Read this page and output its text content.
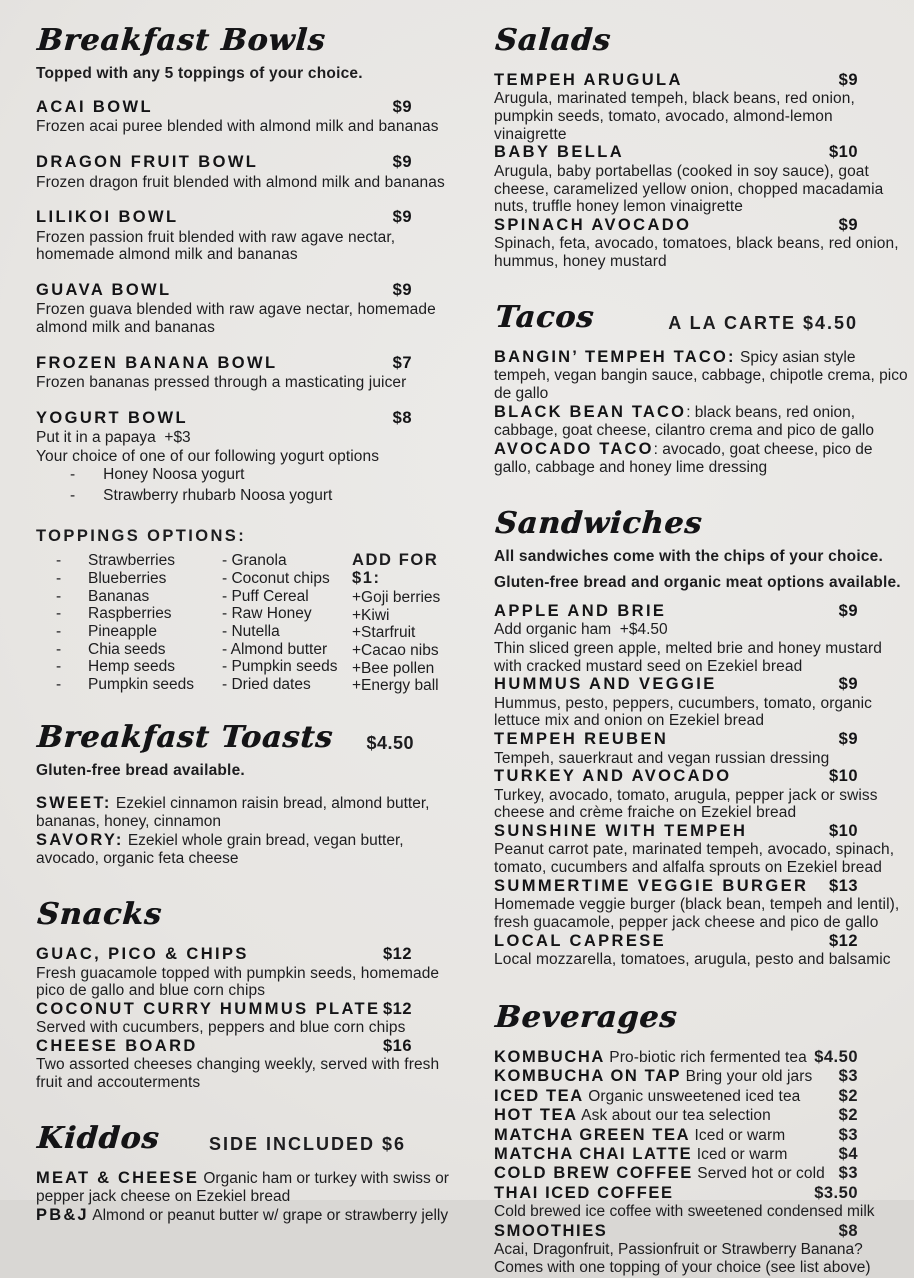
Breakfast Bowls
Topped with any 5 toppings of your choice.
ACAI BOWL	$9
Frozen acai puree blended with almond milk and bananas
DRAGON FRUIT BOWL	$9
Frozen dragon fruit blended with almond milk and bananas
LILIKOI BOWL	$9
Frozen passion fruit blended with raw agave nectar, homemade almond milk and bananas
GUAVA BOWL	$9
Frozen guava blended with raw agave nectar, homemade almond milk and bananas
FROZEN BANANA BOWL	$7
Frozen bananas pressed through a masticating juicer
YOGURT BOWL	$8
Put it in a papaya  +$3
Your choice of one of our following yogurt options
- Honey Noosa yogurt
- Strawberry rhubarb Noosa yogurt
TOPPINGS OPTIONS:
-	Strawberries
-	Blueberries
-	Bananas
-	Raspberries
-	Pineapple
-	Chia seeds
-	Hemp seeds
-	Pumpkin seeds
- Granola
- Coconut chips
- Puff Cereal
- Raw Honey
- Nutella
- Almond butter
- Pumpkin seeds
- Dried dates
ADD FOR $1:
+Goji berries
+Kiwi
+Starfruit
+Cacao nibs
+Bee pollen
+Energy ball
Breakfast Toasts $4.50
Gluten-free bread available.
SWEET: Ezekiel cinnamon raisin bread, almond butter, bananas, honey, cinnamon
SAVORY: Ezekiel whole grain bread, vegan butter, avocado, organic feta cheese
Snacks
GUAC, PICO & CHIPS	$12
Fresh guacamole topped with pumpkin seeds, homemade pico de gallo and blue corn chips
COCONUT CURRY HUMMUS PLATE $12
Served with cucumbers, peppers and blue corn chips
CHEESE BOARD	$16
Two assorted cheeses changing weekly, served with fresh fruit and accouterments
Kiddos	SIDE INCLUDED $6
MEAT & CHEESE Organic ham or turkey with swiss or pepper jack cheese on Ezekiel bread
PB&J Almond or peanut butter w/ grape or strawberry jelly
Salads
TEMPEH ARUGULA	$9
Arugula, marinated tempeh, black beans, red onion, pumpkin seeds, tomato, avocado, almond-lemon vinaigrette
BABY BELLA	$10
Arugula, baby portabellas (cooked in soy sauce), goat cheese, caramelized yellow onion, chopped macadamia nuts, truffle honey lemon vinaigrette
SPINACH AVOCADO	$9
Spinach, feta, avocado, tomatoes, black beans, red onion, hummus, honey mustard
Tacos	A LA CARTE $4.50
BANGIN’ TEMPEH TACO: Spicy asian style tempeh, vegan bangin sauce, cabbage, chipotle crema, pico de gallo
BLACK BEAN TACO: black beans, red onion, cabbage, goat cheese, cilantro crema and pico de gallo
AVOCADO TACO: avocado, goat cheese, pico de gallo, cabbage and honey lime dressing
Sandwiches
All sandwiches come with the chips of your choice.
Gluten-free bread and organic meat options available.
APPLE AND BRIE	$9
Add organic ham  +$4.50
Thin sliced green apple, melted brie and honey mustard with cracked mustard seed on Ezekiel bread
HUMMUS AND VEGGIE	$9
Hummus, pesto, peppers, cucumbers, tomato, organic lettuce mix and onion on Ezekiel bread
TEMPEH REUBEN	$9
Tempeh, sauerkraut and vegan russian dressing
TURKEY AND AVOCADO	$10
Turkey, avocado, tomato, arugula, pepper jack or swiss cheese and crème fraiche on Ezekiel bread
SUNSHINE WITH TEMPEH	$10
Peanut carrot pate, marinated tempeh, avocado, spinach, tomato, cucumbers and alfalfa sprouts on Ezekiel bread
SUMMERTIME VEGGIE BURGER $13
Homemade veggie burger (black bean, tempeh and lentil), fresh guacamole, pepper jack cheese and pico de gallo
LOCAL CAPRESE	$12
Local mozzarella, tomatoes, arugula, pesto and balsamic
Beverages
KOMBUCHA Pro-biotic rich fermented tea $4.50
KOMBUCHA ON TAP Bring your old jars $3
ICED TEA Organic unsweetened iced tea $2
HOT TEA Ask about our tea selection	$2
MATCHA GREEN TEA Iced or warm	$3
MATCHA CHAI LATTE Iced or warm	$4
COLD BREW COFFEE Served hot or cold $3
THAI ICED COFFEE	$3.50
Cold brewed ice coffee with sweetened condensed milk
SMOOTHIES	$8
Acai, Dragonfruit, Passionfruit or Strawberry Banana? Comes with one topping of your choice (see list above)
